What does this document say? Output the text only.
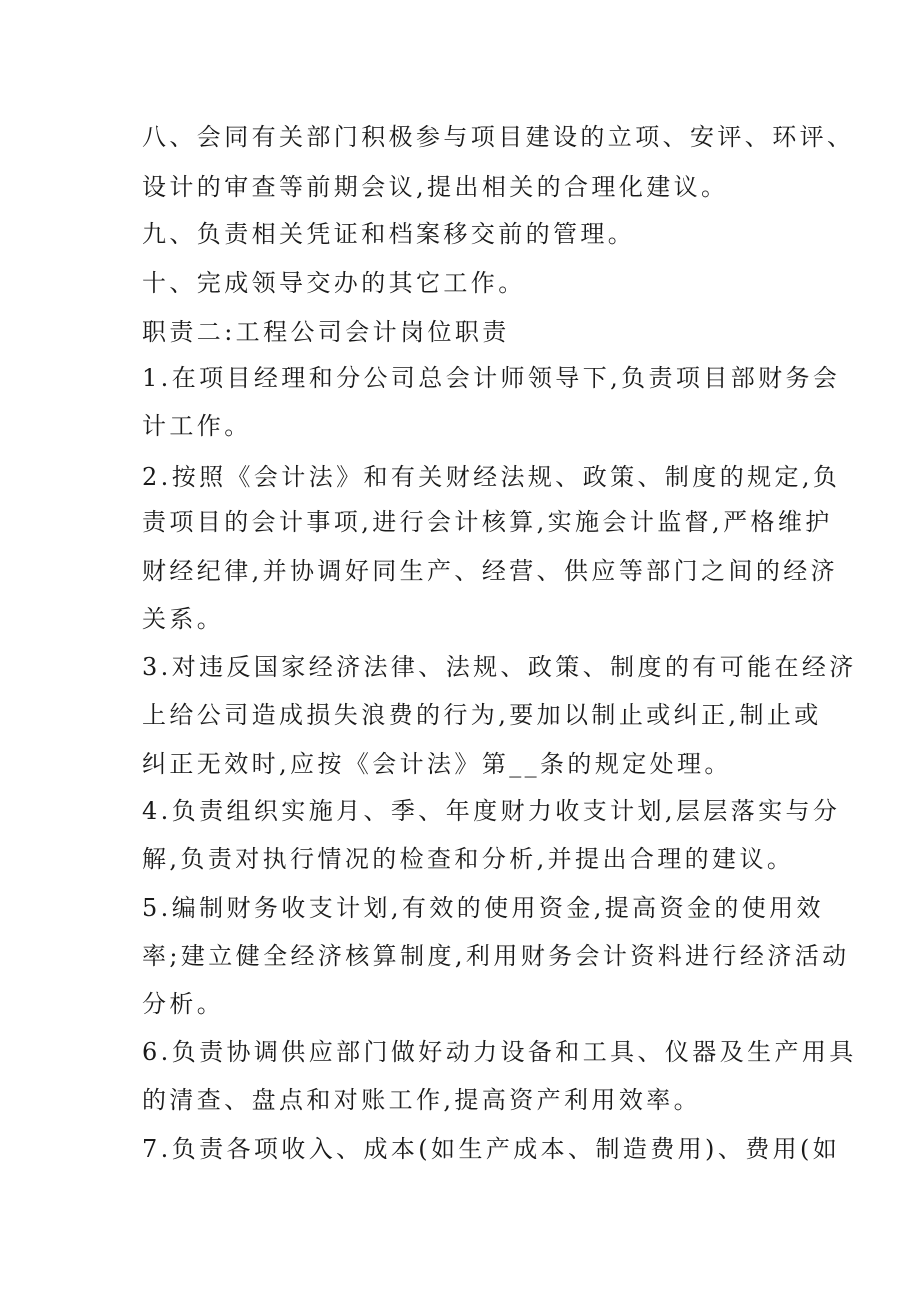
八、会同有关部门积极参与项目建设的立项、安评、环评、
设计的审查等前期会议,提出相关的合理化建议。
九、负责相关凭证和档案移交前的管理。
十、完成领导交办的其它工作。
职责二:工程公司会计岗位职责
1.在项目经理和分公司总会计师领导下,负责项目部财务会
计工作。
2.按照《会计法》和有关财经法规、政策、制度的规定,负
责项目的会计事项,进行会计核算,实施会计监督,严格维护
财经纪律,并协调好同生产、经营、供应等部门之间的经济
关系。
3.对违反国家经济法律、法规、政策、制度的有可能在经济
上给公司造成损失浪费的行为,要加以制止或纠正,制止或
纠正无效时,应按《会计法》第__条的规定处理。
4.负责组织实施月、季、年度财力收支计划,层层落实与分
解,负责对执行情况的检查和分析,并提出合理的建议。
5.编制财务收支计划,有效的使用资金,提高资金的使用效
率;建立健全经济核算制度,利用财务会计资料进行经济活动
分析。
6.负责协调供应部门做好动力设备和工具、仪器及生产用具
的清查、盘点和对账工作,提高资产利用效率。
7.负责各项收入、成本(如生产成本、制造费用)、费用(如
